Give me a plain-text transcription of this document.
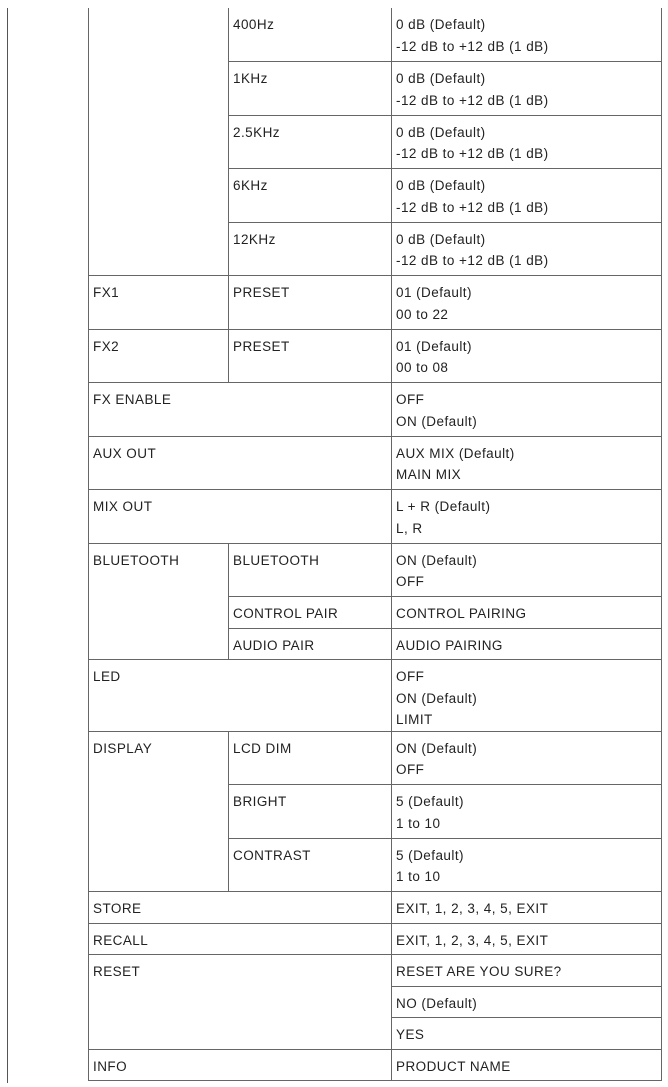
	400Hz	0 dB (Default)
-12 dB to +12 dB (1 dB)

	1KHz	0 dB (Default)
-12 dB to +12 dB (1 dB)

	2.5KHz	0 dB (Default)
-12 dB to +12 dB (1 dB)

	6KHz	0 dB (Default)
-12 dB to +12 dB (1 dB)

	12KHz	0 dB (Default)
-12 dB to +12 dB (1 dB)

FX1	PRESET	01 (Default)
00 to 22

FX2	PRESET	01 (Default)
00 to 08

FX ENABLE		OFF
ON (Default)

AUX OUT		AUX MIX (Default)
MAIN MIX

MIX OUT		L + R (Default)
L, R

BLUETOOTH	BLUETOOTH	ON (Default)
OFF

	CONTROL PAIR	CONTROL PAIRING

	AUDIO PAIR	AUDIO PAIRING

LED		OFF
ON (Default)
LIMIT

DISPLAY	LCD DIM	ON (Default)
OFF

	BRIGHT	5 (Default)
1 to 10

	CONTRAST	5 (Default)
1 to 10

STORE		EXIT, 1, 2, 3, 4, 5, EXIT

RECALL		EXIT, 1, 2, 3, 4, 5, EXIT

RESET		RESET ARE YOU SURE?

		NO (Default)

		YES

INFO		PRODUCT NAME
